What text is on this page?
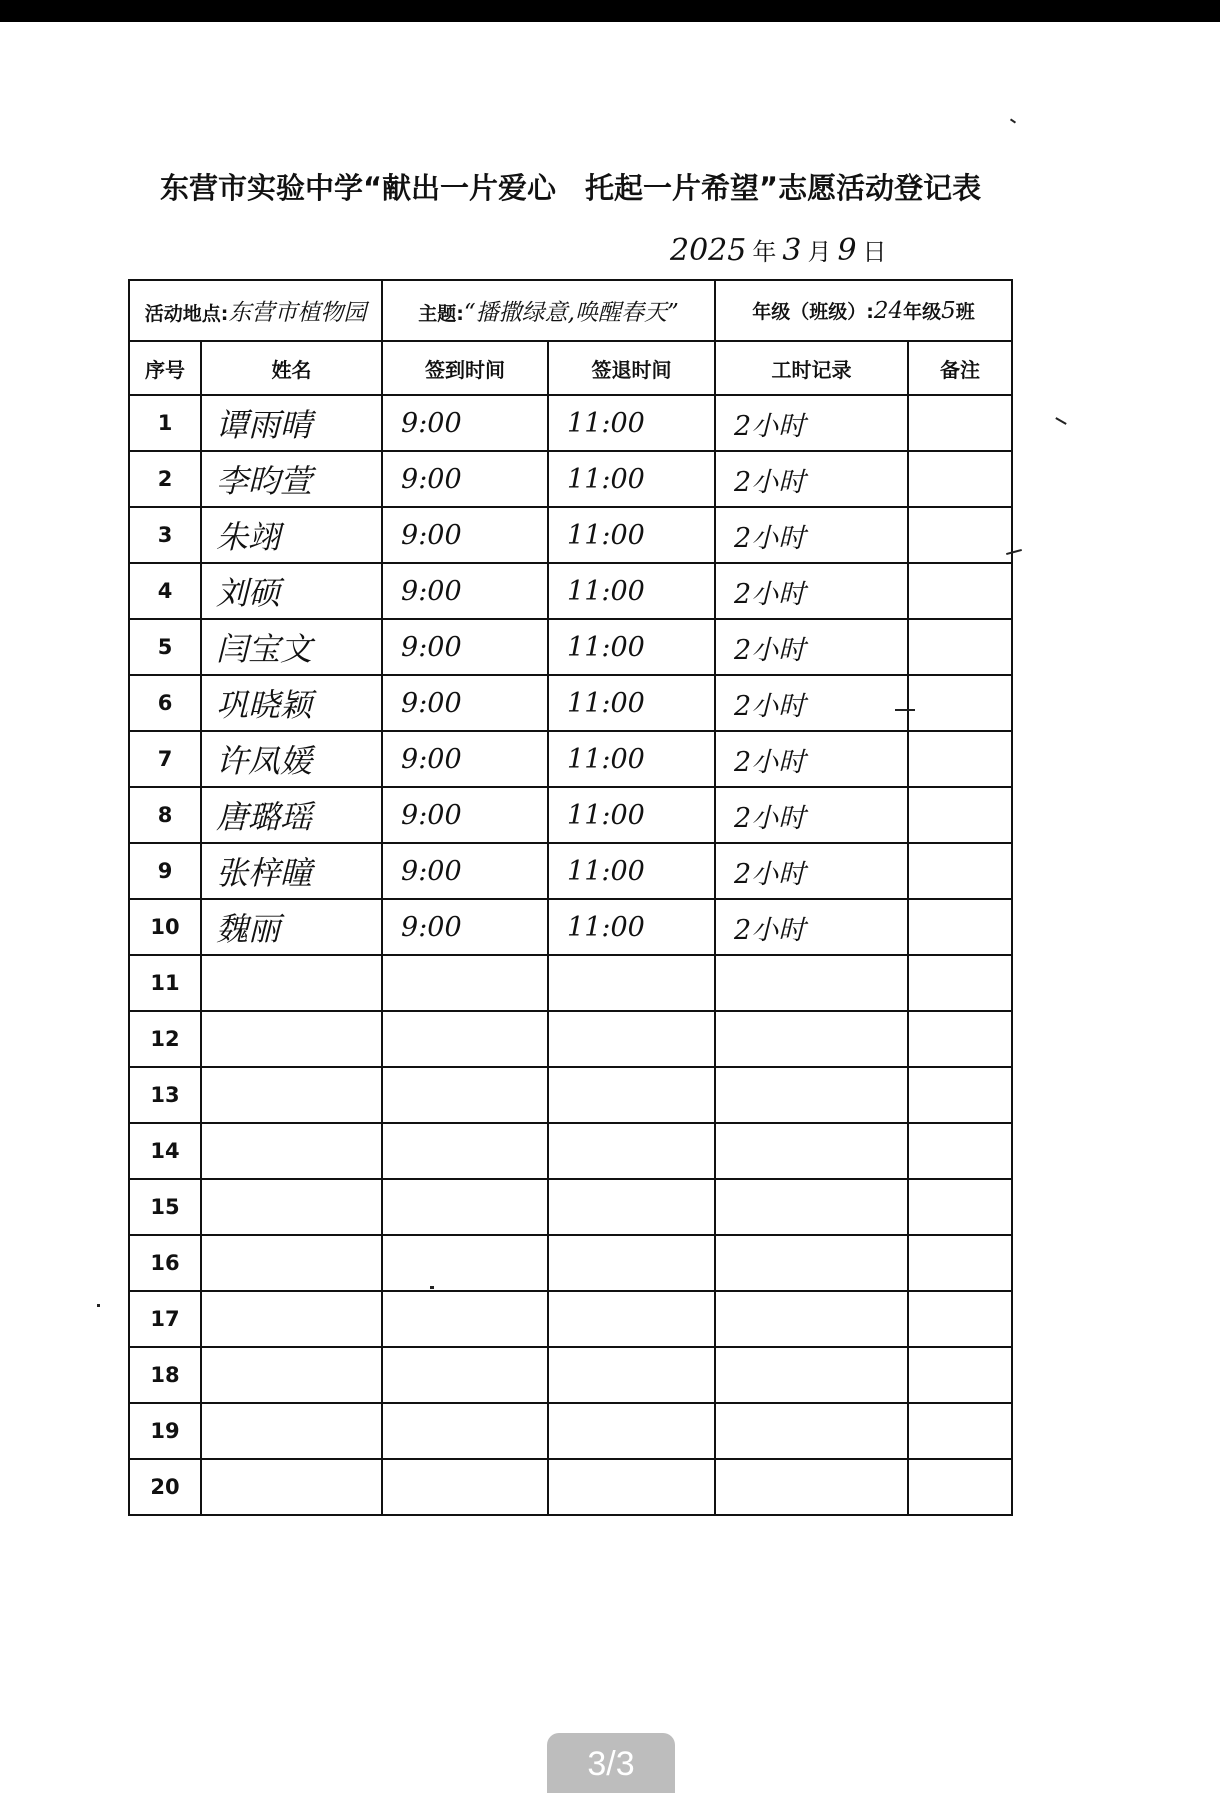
东营市实验中学“献出一片爱心　托起一片希望”志愿活动登记表
2025 年 3 月 9 日
活动地点:东营市植物园		主题:“播撒绿意,唤醒春天”		年级（班级）:24年级5班	
序号	姓名	签到时间	签退时间	工时记录	备注
1	谭雨晴	9:00	11:00	2小时	
2	李昀萱	9:00	11:00	2小时	
3	朱翊	9:00	11:00	2小时	
4	刘硕	9:00	11:00	2小时	
5	闫宝文	9:00	11:00	2小时	
6	巩晓颖	9:00	11:00	2小时	
7	许凤媛	9:00	11:00	2小时	
8	唐璐瑶	9:00	11:00	2小时	
9	张梓瞳	9:00	11:00	2小时	
10	魏丽	9:00	11:00	2小时	
11					
12					
13					
14					
15					
16					
17					
18					
19					
20					
3/3
